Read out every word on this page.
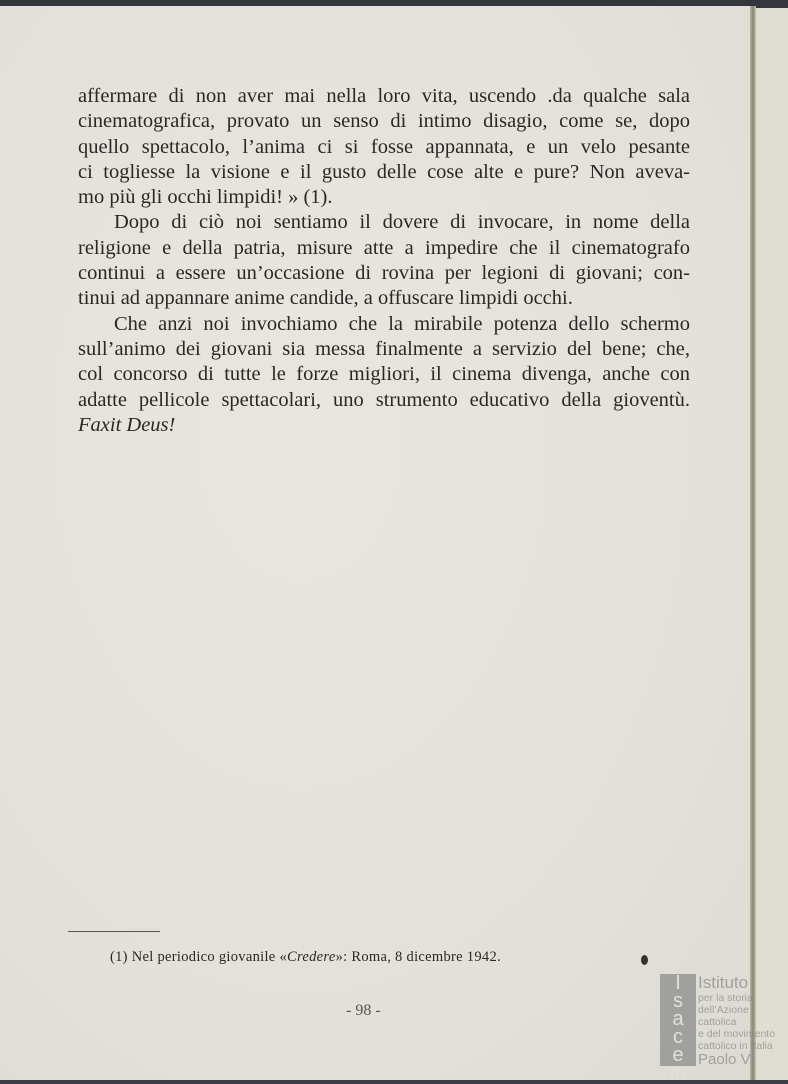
affermare di non aver mai nella loro vita, uscendo .da qualche sala
cinematografica, provato un senso di intimo disagio, come se, dopo
quello spettacolo, l’anima ci si fosse appannata, e un velo pesante
ci togliesse la visione e il gusto delle cose alte e pure? Non aveva-
mo più gli occhi limpidi! » (1).
Dopo di ciò noi sentiamo il dovere di invocare, in nome della
religione e della patria, misure atte a impedire che il cinematografo
continui a essere un’occasione di rovina per legioni di giovani; con-
tinui ad appannare anime candide, a offuscare limpidi occhi.
Che anzi noi invochiamo che la mirabile potenza dello schermo
sull’animo dei giovani sia messa finalmente a servizio del bene; che,
col concorso di tutte le forze migliori, il cinema divenga, anche con
adatte pellicole spettacolari, uno strumento educativo della gioventù.
Faxit Deus!
(1) Nel periodico giovanile «Credere»: Roma, 8 dicembre 1942.
- 98 -
I
s
a
c
e
m
Istituto
per la storia
dell’Azione cattolica
e del movimento
cattolico in Italia
Paolo VI
